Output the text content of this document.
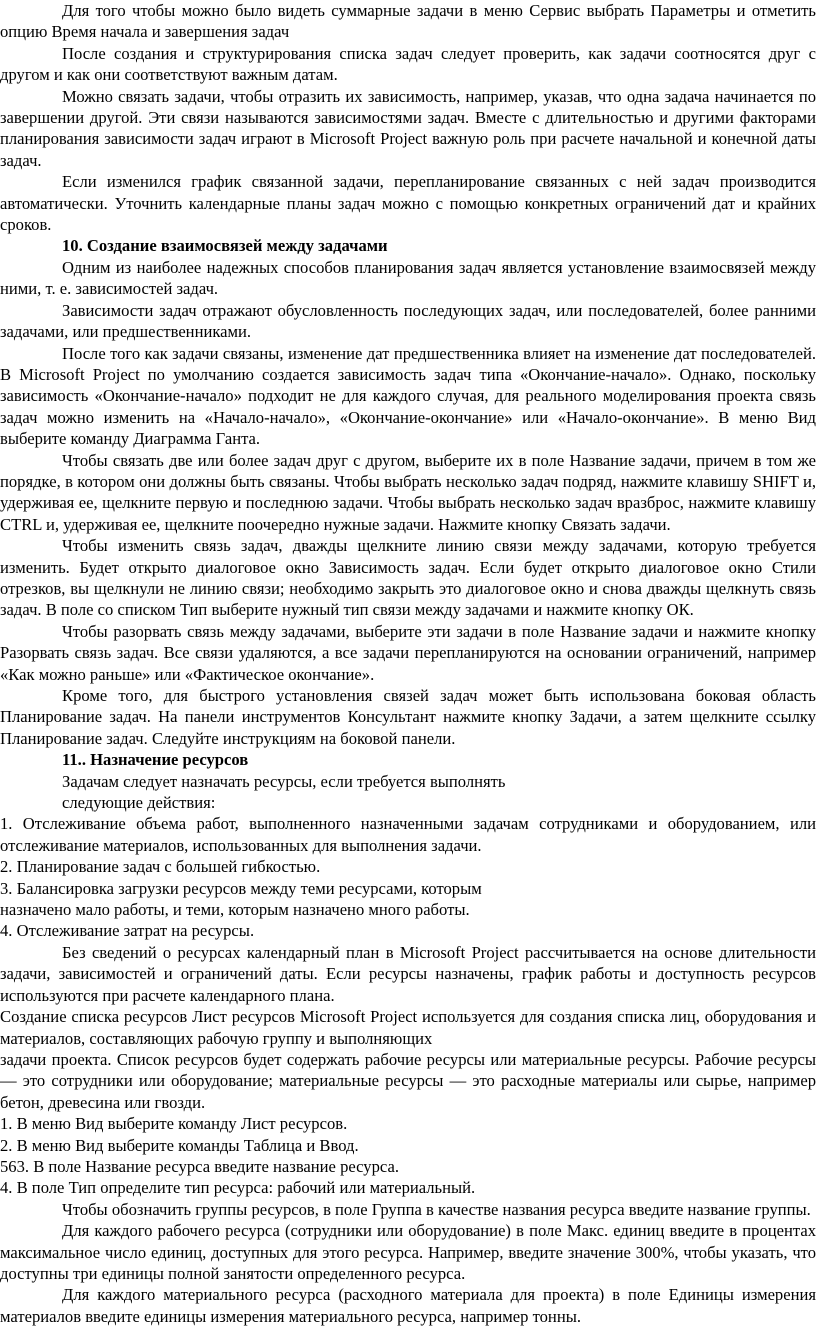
Для того чтобы можно было видеть суммарные задачи в меню Сервис выбрать Параметры и отметить опцию Время начала и завершения задач

После создания и структурирования списка задач следует проверить, как задачи соотносятся друг с другом и как они соответствуют важным датам.

Можно связать задачи, чтобы отразить их зависимость, например, указав, что одна задача начинается по завершении другой. Эти связи называются зависимостями задач. Вместе с длительностью и другими факторами планирования зависимости задач играют в Microsoft Project важную роль при расчете начальной и конечной даты задач.

Если изменился график связанной задачи, перепланирование связанных с ней задач производится автоматически. Уточнить календарные планы задач можно с помощью конкретных ограничений дат и крайних сроков.

10. Создание взаимосвязей между задачами

Одним из наиболее надежных способов планирования задач является установление взаимосвязей между ними, т. е. зависимостей задач.

Зависимости задач отражают обусловленность последующих задач, или последователей, более ранними задачами, или предшественниками.

После того как задачи связаны, изменение дат предшественника влияет на изменение дат последователей. В Microsoft Project по умолчанию создается зависимость задач типа «Окончание-начало». Однако, поскольку зависимость «Окончание-начало» подходит не для каждого случая, для реального моделирования проекта связь задач можно изменить на «Начало-начало», «Окончание-окончание» или «Начало-окончание». В меню Вид выберите команду Диаграмма Ганта.

Чтобы связать две или более задач друг с другом, выберите их в поле Название задачи, причем в том же порядке, в котором они должны быть связаны. Чтобы выбрать несколько задач подряд, нажмите клавишу SHIFT и, удерживая ее, щелкните первую и последнюю задачи. Чтобы выбрать несколько задач вразброс, нажмите клавишу CTRL и, удерживая ее, щелкните поочередно нужные задачи. Нажмите кнопку Связать задачи.

Чтобы изменить связь задач, дважды щелкните линию связи между задачами, которую требуется изменить. Будет открыто диалоговое окно Зависимость задач. Если будет открыто диалоговое окно Стили отрезков, вы щелкнули не линию связи; необходимо закрыть это диалоговое окно и снова дважды щелкнуть связь задач. В поле со списком Тип выберите нужный тип связи между задачами и нажмите кнопку ОК.

Чтобы разорвать связь между задачами, выберите эти задачи в поле Название задачи и нажмите кнопку Разорвать связь задач. Все связи удаляются, а все задачи перепланируются на основании ограничений, например «Как можно раньше» или «Фактическое окончание».

Кроме того, для быстрого установления связей задач может быть использована боковая область Планирование задач. На панели инструментов Консультант нажмите кнопку Задачи, а затем щелкните ссылку Планирование задач. Следуйте инструкциям на боковой панели.

11.. Назначение ресурсов

Задачам следует назначать ресурсы, если требуется выполнять

следующие действия:

1. Отслеживание объема работ, выполненного назначенными задачам сотрудниками и оборудованием, или отслеживание материалов, использованных для выполнения задачи.

2. Планирование задач с большей гибкостью.

3. Балансировка загрузки ресурсов между теми ресурсами, которым

назначено мало работы, и теми, которым назначено много работы.

4. Отслеживание затрат на ресурсы.

Без сведений о ресурсах календарный план в Microsoft Project рассчитывается на основе длительности задачи, зависимостей и ограничений даты. Если ресурсы назначены, график работы и доступность ресурсов используются при расчете календарного плана.

Создание списка ресурсов Лист ресурсов Microsoft Project используется для создания списка лиц, оборудования и материалов, составляющих рабочую группу и выполняющих

задачи проекта. Список ресурсов будет содержать рабочие ресурсы или материальные ресурсы. Рабочие ресурсы — это сотрудники или оборудование; материальные ресурсы — это расходные материалы или сырье, например бетон, древесина или гвозди.

1. В меню Вид выберите команду Лист ресурсов.

2. В меню Вид выберите команды Таблица и Ввод.

563. В поле Название ресурса введите название ресурса.

4. В поле Тип определите тип ресурса: рабочий или материальный.

Чтобы обозначить группы ресурсов, в поле Группа в качестве названия ресурса введите название группы.

Для каждого рабочего ресурса (сотрудники или оборудование) в поле Макс. единиц введите в процентах максимальное число единиц, доступных для этого ресурса. Например, введите значение 300%, чтобы указать, что доступны три единицы полной занятости определенного ресурса.

Для каждого материального ресурса (расходного материала для проекта) в поле Единицы измерения материалов введите единицы измерения материального ресурса, например тонны.
